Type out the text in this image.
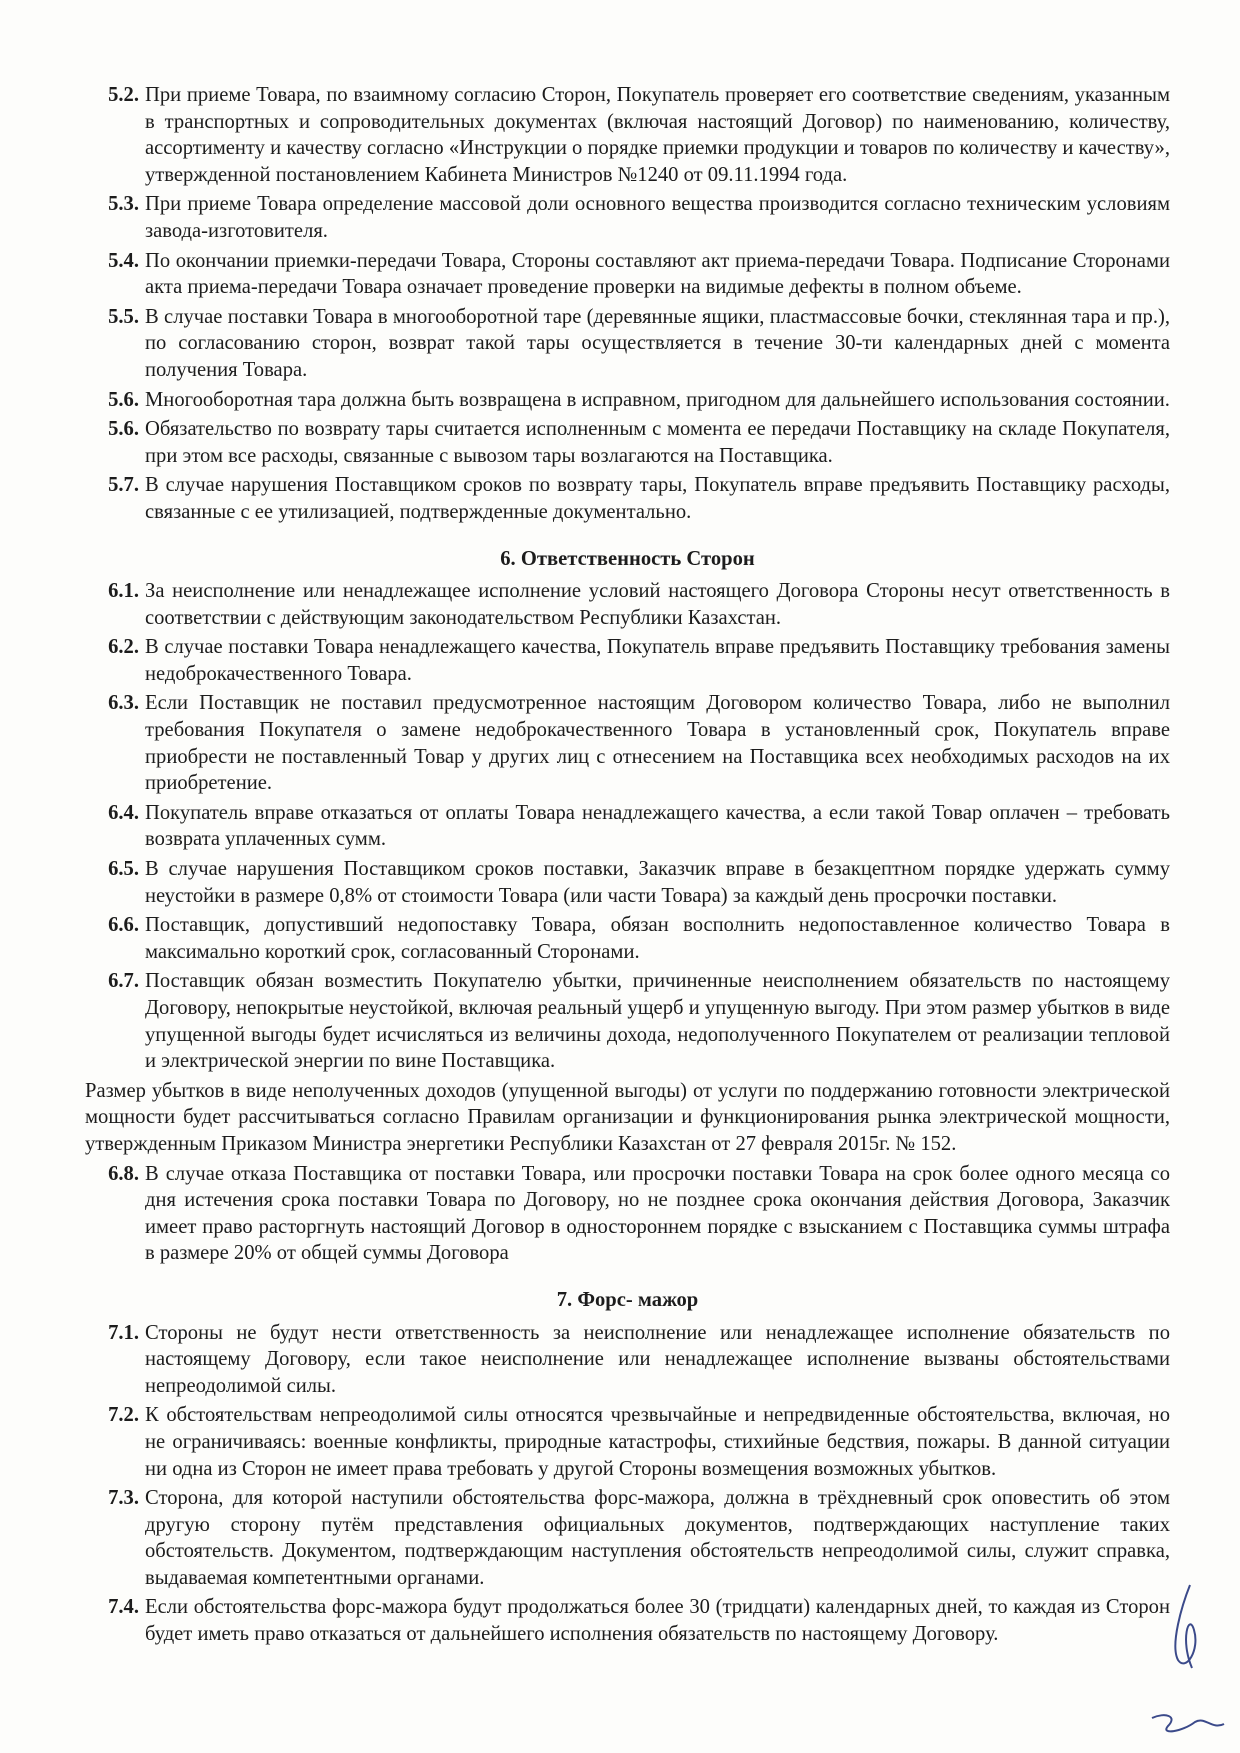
5.2. При приеме Товара, по взаимному согласию Сторон, Покупатель проверяет его соответствие сведениям, указанным в транспортных и сопроводительных документах (включая настоящий Договор) по наименованию, количеству, ассортименту и качеству согласно «Инструкции о порядке приемки продукции и товаров по количеству и качеству», утвержденной постановлением Кабинета Министров №1240 от 09.11.1994 года.
5.3. При приеме Товара определение массовой доли основного вещества производится согласно техническим условиям завода-изготовителя.
5.4. По окончании приемки-передачи Товара, Стороны составляют акт приема-передачи Товара. Подписание Сторонами акта приема-передачи Товара означает проведение проверки на видимые дефекты в полном объеме.
5.5. В случае поставки Товара в многооборотной таре (деревянные ящики, пластмассовые бочки, стеклянная тара и пр.), по согласованию сторон, возврат такой тары осуществляется в течение 30-ти календарных дней с момента получения Товара.
5.6. Многооборотная тара должна быть возвращена в исправном, пригодном для дальнейшего использования состоянии.
5.6. Обязательство по возврату тары считается исполненным с момента ее передачи Поставщику на складе Покупателя, при этом все расходы, связанные с вывозом тары возлагаются на Поставщика.
5.7. В случае нарушения Поставщиком сроков по возврату тары, Покупатель вправе предъявить Поставщику расходы, связанные с ее утилизацией, подтвержденные документально.
6. Ответственность Сторон
6.1. За неисполнение или ненадлежащее исполнение условий настоящего Договора Стороны несут ответственность в соответствии с действующим законодательством Республики Казахстан.
6.2. В случае поставки Товара ненадлежащего качества, Покупатель вправе предъявить Поставщику требования замены недоброкачественного Товара.
6.3. Если Поставщик не поставил предусмотренное настоящим Договором количество Товара, либо не выполнил требования Покупателя о замене недоброкачественного Товара в установленный срок, Покупатель вправе приобрести не поставленный Товар у других лиц с отнесением на Поставщика всех необходимых расходов на их приобретение.
6.4. Покупатель вправе отказаться от оплаты Товара ненадлежащего качества, а если такой Товар оплачен – требовать возврата уплаченных сумм.
6.5. В случае нарушения Поставщиком сроков поставки, Заказчик вправе в безакцептном порядке удержать сумму неустойки в размере 0,8% от стоимости Товара (или части Товара) за каждый день просрочки поставки.
6.6. Поставщик, допустивший недопоставку Товара, обязан восполнить недопоставленное количество Товара в максимально короткий срок, согласованный Сторонами.
6.7. Поставщик обязан возместить Покупателю убытки, причиненные неисполнением обязательств по настоящему Договору, непокрытые неустойкой, включая реальный ущерб и упущенную выгоду. При этом размер убытков в виде упущенной выгоды будет исчисляться из величины дохода, недополученного Покупателем от реализации тепловой и электрической энергии по вине Поставщика.

Размер убытков в виде неполученных доходов (упущенной выгоды) от услуги по поддержанию готовности электрической мощности будет рассчитываться согласно Правилам организации и функционирования рынка электрической мощности, утвержденным Приказом Министра энергетики Республики Казахстан от 27 февраля 2015г. № 152.

6.8. В случае отказа Поставщика от поставки Товара, или просрочки поставки Товара на срок более одного месяца со дня истечения срока поставки Товара по Договору, но не позднее срока окончания действия Договора, Заказчик имеет право расторгнуть настоящий Договор в одностороннем порядке с взысканием с Поставщика суммы штрафа в размере 20% от общей суммы Договора
7. Форс- мажор
7.1. Стороны не будут нести ответственность за неисполнение или ненадлежащее исполнение обязательств по настоящему Договору, если такое неисполнение или ненадлежащее исполнение вызваны обстоятельствами непреодолимой силы.
7.2. К обстоятельствам непреодолимой силы относятся чрезвычайные и непредвиденные обстоятельства, включая, но не ограничиваясь: военные конфликты, природные катастрофы, стихийные бедствия, пожары. В данной ситуации ни одна из Сторон не имеет права требовать у другой Стороны возмещения возможных убытков.
7.3. Сторона, для которой наступили обстоятельства форс-мажора, должна в трёхдневный срок оповестить об этом другую сторону путём представления официальных документов, подтверждающих наступление таких обстоятельств. Документом, подтверждающим наступления обстоятельств непреодолимой силы, служит справка, выдаваемая компетентными органами.
7.4. Если обстоятельства форс-мажора будут продолжаться более 30 (тридцати) календарных дней, то каждая из Сторон будет иметь право отказаться от дальнейшего исполнения обязательств по настоящему Договору.
